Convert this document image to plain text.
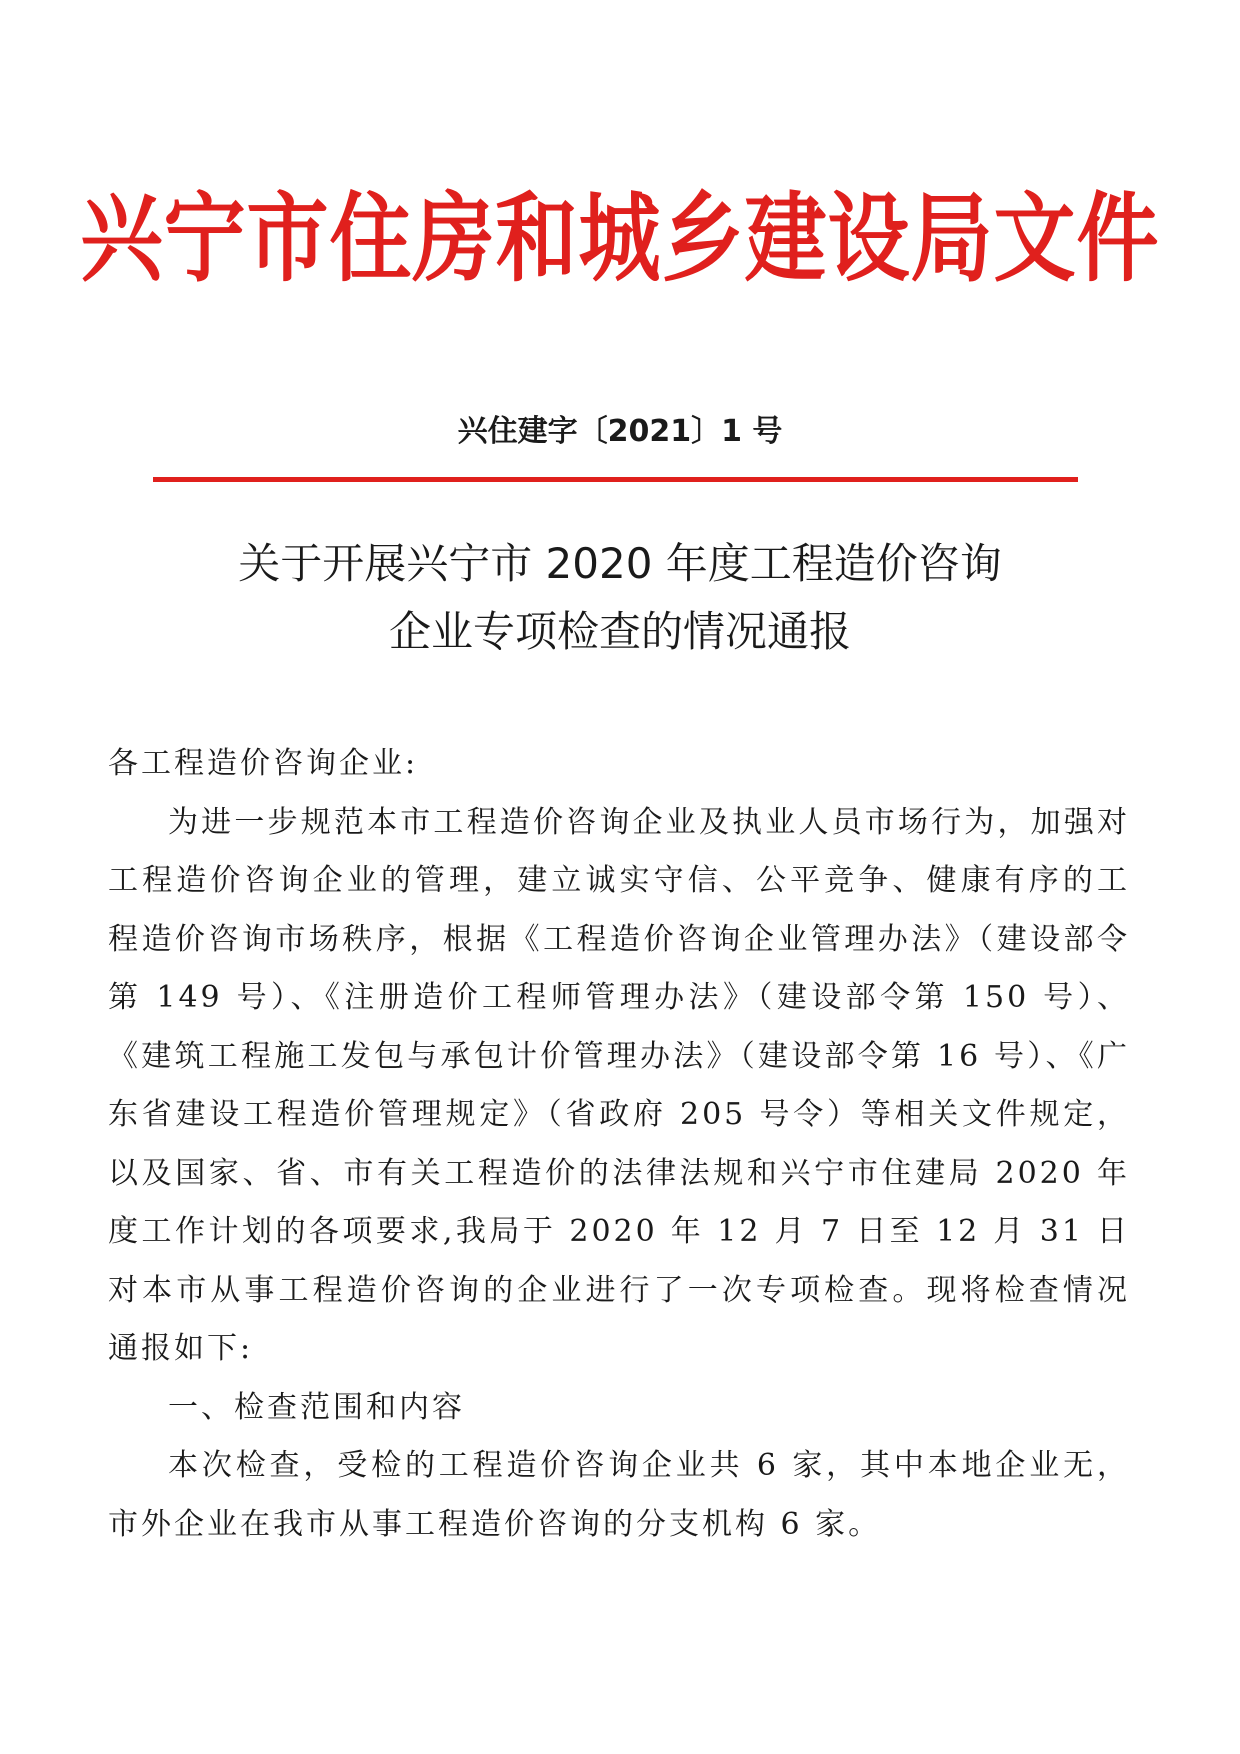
兴宁市住房和城乡建设局文件
兴住建字〔2021〕1 号
关于开展兴宁市 2020 年度工程造价咨询
企业专项检查的情况通报

各工程造价咨询企业:

为进一步规范本市工程造价咨询企业及执业人员市场行为，加强对工程造价咨询企业的管理，建立诚实守信、公平竞争、健康有序的工程造价咨询市场秩序，根据《工程造价咨询企业管理办法》（建设部令第 149 号）、《注册造价工程师管理办法》（建设部令第 150 号）、《建筑工程施工发包与承包计价管理办法》（建设部令第 16 号）、《广东省建设工程造价管理规定》（省政府 205 号令）等相关文件规定，以及国家、省、市有关工程造价的法律法规和兴宁市住建局 2020 年度工作计划的各项要求,我局于 2020 年 12 月 7 日至 12 月 31 日对本市从事工程造价咨询的企业进行了一次专项检查。现将检查情况通报如下:

一、检查范围和内容

本次检查，受检的工程造价咨询企业共 6 家，其中本地企业无，市外企业在我市从事工程造价咨询的分支机构 6 家。
